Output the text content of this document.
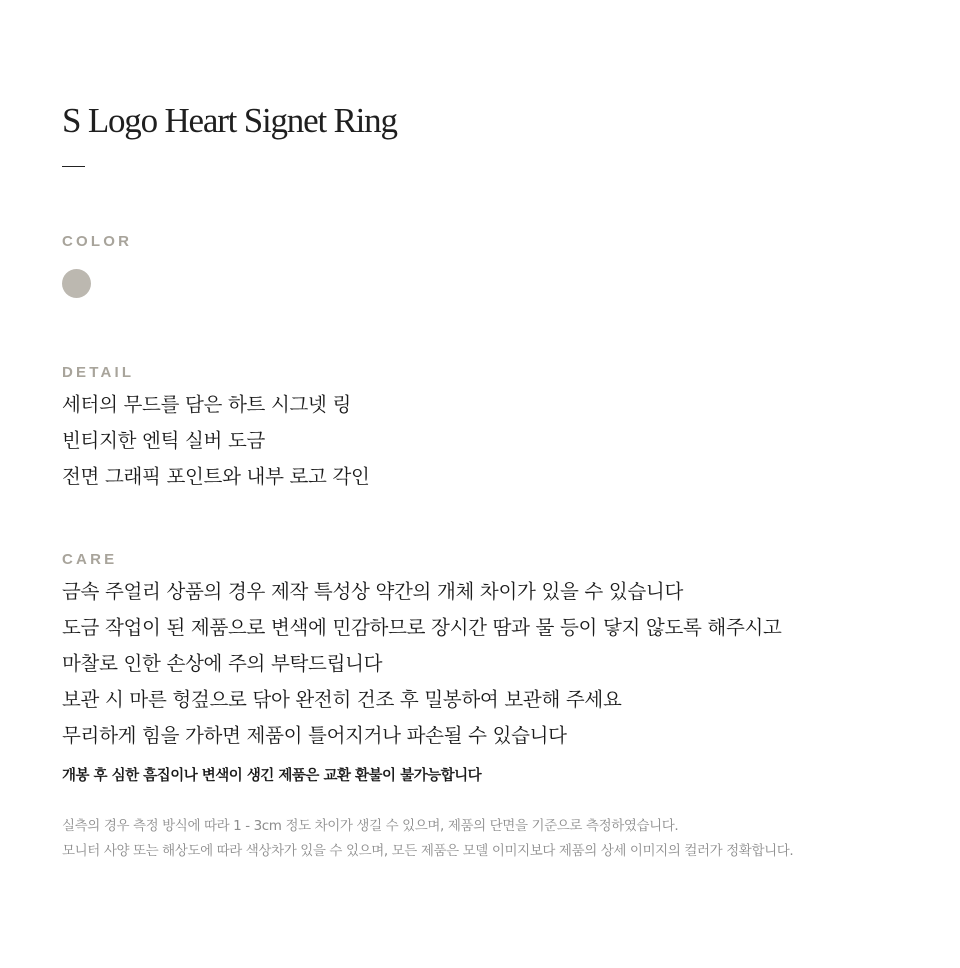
S Logo Heart Signet Ring
COLOR
DETAIL
세터의 무드를 담은 하트 시그넷 링
빈티지한 엔틱 실버 도금
전면 그래픽 포인트와 내부 로고 각인
CARE
금속 주얼리 상품의 경우 제작 특성상 약간의 개체 차이가 있을 수 있습니다
도금 작업이 된 제품으로 변색에 민감하므로 장시간 땀과 물 등이 닿지 않도록 해주시고
마찰로 인한 손상에 주의 부탁드립니다
보관 시 마른 헝겊으로 닦아 완전히 건조 후 밀봉하여 보관해 주세요
무리하게 힘을 가하면 제품이 틀어지거나 파손될 수 있습니다
개봉 후 심한 흠집이나 변색이 생긴 제품은 교환 환불이 불가능합니다
실측의 경우 측정 방식에 따라 1 - 3cm 정도 차이가 생길 수 있으며, 제품의 단면을 기준으로 측정하였습니다.
모니터 사양 또는 해상도에 따라 색상차가 있을 수 있으며, 모든 제품은 모델 이미지보다 제품의 상세 이미지의 컬러가 정확합니다.
